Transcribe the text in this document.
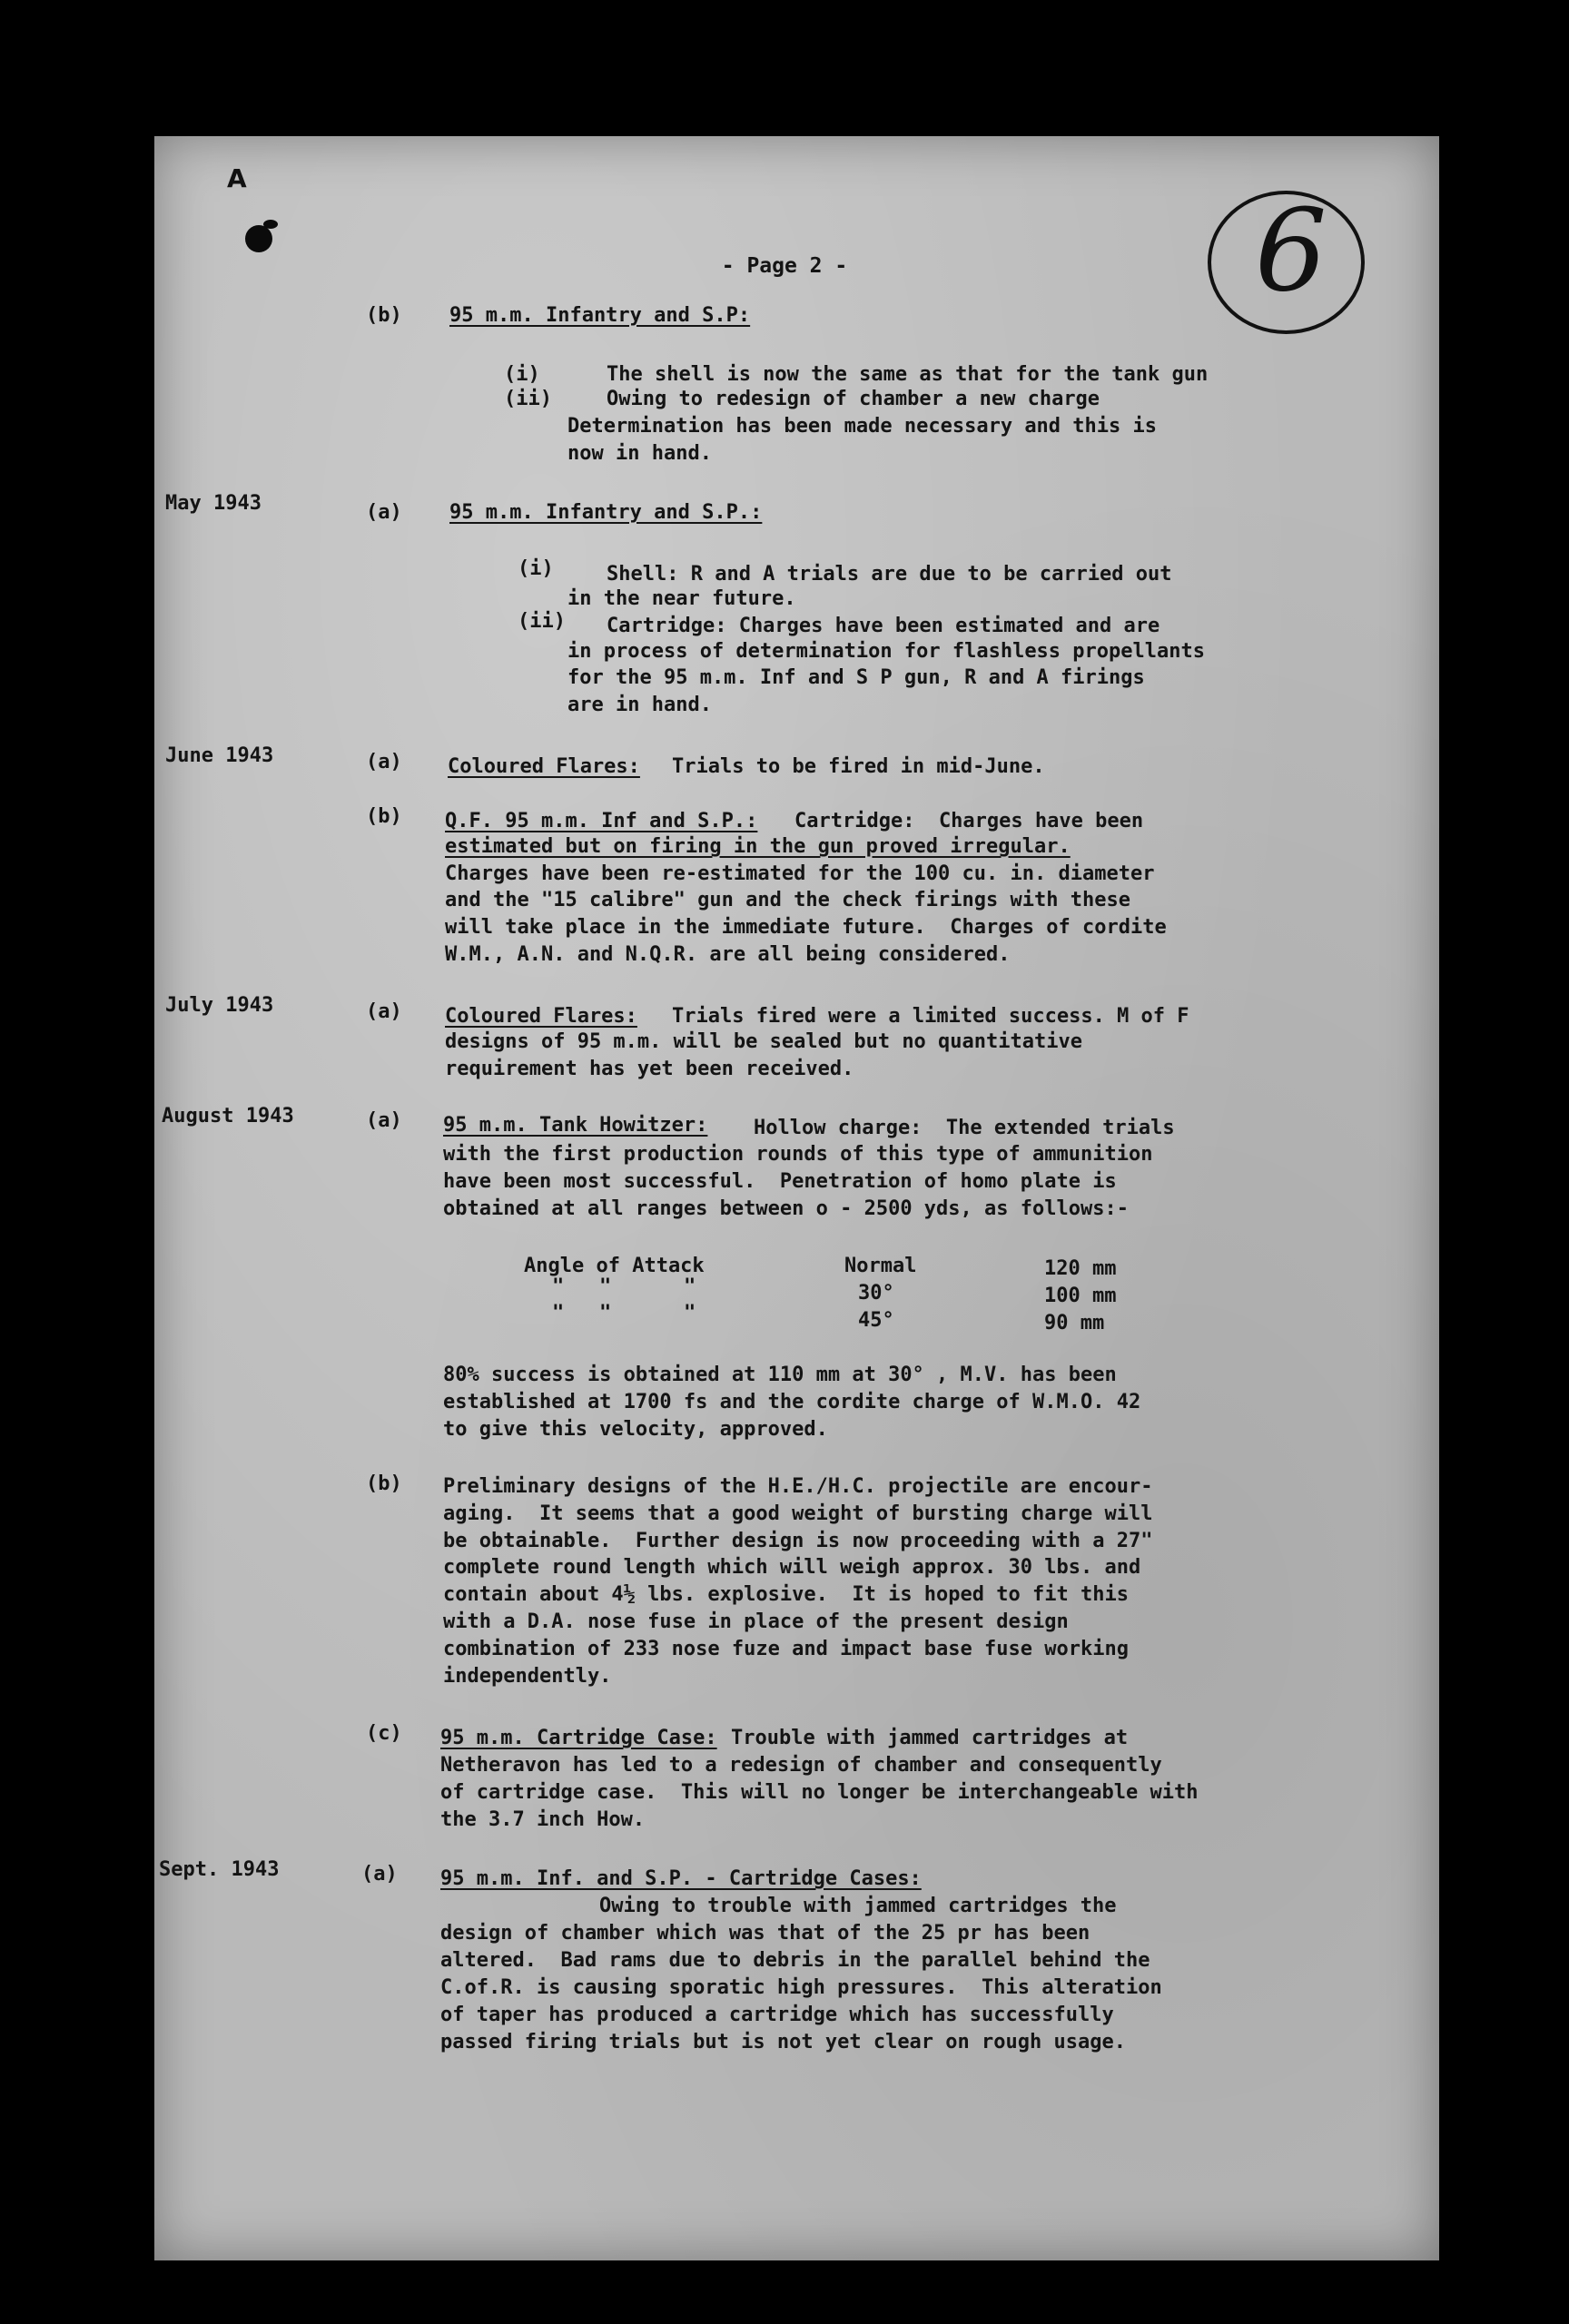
A
- Page 2 -	6
(b) 95 m.m. Infantry and S.P:
(i)	The shell is now the same as that for the tank gun
(ii)	Owing to redesign of chamber a new charge
Determination has been made necessary and this is
now in hand.
May 1943	(a) 95 m.m. Infantry and S.P.:
(i)	Shell: R and A trials are due to be carried out
in the near future.
(ii) Cartridge: Charges have been estimated and are
in process of determination for flashless propellants
for the 95 m.m. Inf and S P gun, R and A firings
are in hand.
June 1943	(a) Coloured Flares: Trials to be fired in mid-June.
(b) Q.F. 95 m.m. Inf and S.P.: Cartridge:  Charges have been
estimated but on firing in the gun proved irregular.
Charges have been re-estimated for the 100 cu. in. diameter
and the "15 calibre" gun and the check firings with these
will take place in the immediate future.  Charges of cordite
W.M., A.N. and N.Q.R. are all being considered.
July 1943	(a) Coloured Flares: Trials fired were a limited success. M of F
designs of 95 m.m. will be sealed but no quantitative
requirement has yet been received.
August 1943	(a) 95 m.m. Tank Howitzer: Hollow charge:  The extended trials
with the first production rounds of this type of ammunition
have been most successful.  Penetration of homo plate is
obtained at all ranges between o - 2500 yds, as follows:-
Angle of Attack	Normal	120 mm
" "	"	30°	100 mm
" "	"	45°	90 mm
80% success is obtained at 110 mm at 30° , M.V. has been
established at 1700 fs and the cordite charge of W.M.O. 42
to give this velocity, approved.
(b) Preliminary designs of the H.E./H.C. projectile are encour-
aging.  It seems that a good weight of bursting charge will
be obtainable.  Further design is now proceeding with a 27"
complete round length which will weigh approx. 30 lbs. and
contain about 4½ lbs. explosive.  It is hoped to fit this
with a D.A. nose fuse in place of the present design
combination of 233 nose fuze and impact base fuse working
independently.
(c) 95 m.m. Cartridge Case: Trouble with jammed cartridges at
Netheravon has led to a redesign of chamber and consequently
of cartridge case.  This will no longer be interchangeable with
the 3.7 inch How.
Sept. 1943	(a) 95 m.m. Inf. and S.P. - Cartridge Cases:
Owing to trouble with jammed cartridges the
design of chamber which was that of the 25 pr has been
altered.  Bad rams due to debris in the parallel behind the
C.of.R. is causing sporatic high pressures.  This alteration
of taper has produced a cartridge which has successfully
passed firing trials but is not yet clear on rough usage.
